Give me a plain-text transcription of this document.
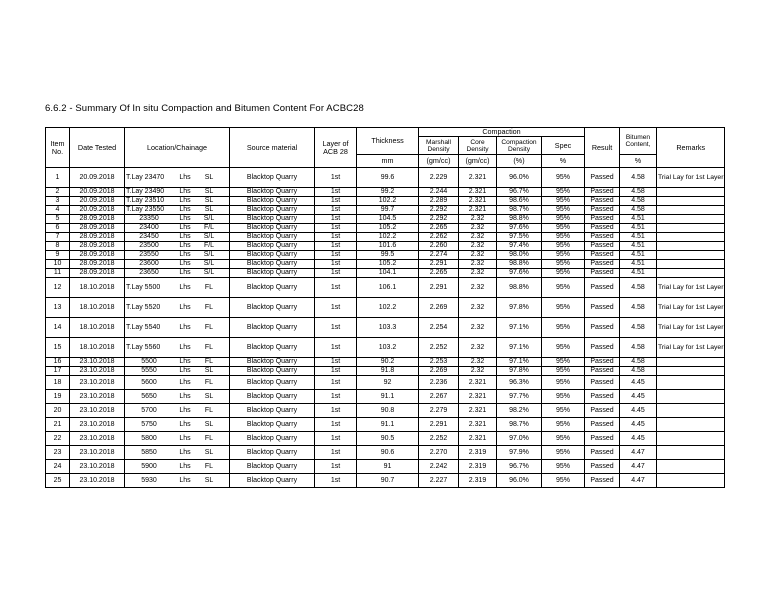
6.6.2 - Summary Of In situ Compaction and Bitumen Content For ACBC28
Item No.	Date Tested	Location/Chainage	Source material	Layer of ACB 28	Thickness	Compaction				Result	Bitumen Content,	Remarks
						Marshall Density	Core Density	Compaction Density	Spec			
					mm	(gm/cc)	(gm/cc)	(%)	%		%	
1	20.09.2018	T.Lay 23470 Lhs SL	Blacktop Quarry	1st	99.6	2.229	2.321	96.0%	95%	Passed	4.58	Trial Lay for 1st Layer
2	20.09.2018	T.Lay 23490 Lhs SL	Blacktop Quarry	1st	99.2	2.244	2.321	96.7%	95%	Passed	4.58	
3	20.09.2018	T.Lay 23510 Lhs SL	Blacktop Quarry	1st	102.2	2.289	2.321	98.6%	95%	Passed	4.58	
4	20.09.2018	T.Lay 23550 Lhs SL	Blacktop Quarry	1st	99.7	2.292	2.321	98.7%	95%	Passed	4.58	
5	28.09.2018	23350 Lhs S/L	Blacktop Quarry	1st	104.5	2.292	2.32	98.8%	95%	Passed	4.51	
6	28.09.2018	23400 Lhs F/L	Blacktop Quarry	1st	105.2	2.265	2.32	97.6%	95%	Passed	4.51	
7	28.09.2018	23450 Lhs S/L	Blacktop Quarry	1st	102.2	2.262	2.32	97.5%	95%	Passed	4.51	
8	28.09.2018	23500 Lhs F/L	Blacktop Quarry	1st	101.6	2.260	2.32	97.4%	95%	Passed	4.51	
9	28.09.2018	23550 Lhs S/L	Blacktop Quarry	1st	99.5	2.274	2.32	98.0%	95%	Passed	4.51	
10	28.09.2018	23600 Lhs S/L	Blacktop Quarry	1st	105.2	2.291	2.32	98.8%	95%	Passed	4.51	
11	28.09.2018	23650 Lhs S/L	Blacktop Quarry	1st	104.1	2.265	2.32	97.6%	95%	Passed	4.51	
12	18.10.2018	T.Lay 5500 Lhs FL	Blacktop Quarry	1st	106.1	2.291	2.32	98.8%	95%	Passed	4.58	Trial Lay for 1st Layer
13	18.10.2018	T.Lay 5520 Lhs FL	Blacktop Quarry	1st	102.2	2.269	2.32	97.8%	95%	Passed	4.58	Trial Lay for 1st Layer
14	18.10.2018	T.Lay 5540 Lhs FL	Blacktop Quarry	1st	103.3	2.254	2.32	97.1%	95%	Passed	4.58	Trial Lay for 1st Layer
15	18.10.2018	T.Lay 5560 Lhs FL	Blacktop Quarry	1st	103.2	2.252	2.32	97.1%	95%	Passed	4.58	Trial Lay for 1st Layer
16	23.10.2018	5500 Lhs FL	Blacktop Quarry	1st	90.2	2.253	2.32	97.1%	95%	Passed	4.58	
17	23.10.2018	5550 Lhs SL	Blacktop Quarry	1st	91.8	2.269	2.32	97.8%	95%	Passed	4.58	
18	23.10.2018	5600 Lhs FL	Blacktop Quarry	1st	92	2.236	2.321	96.3%	95%	Passed	4.45	
19	23.10.2018	5650 Lhs SL	Blacktop Quarry	1st	91.1	2.267	2.321	97.7%	95%	Passed	4.45	
20	23.10.2018	5700 Lhs FL	Blacktop Quarry	1st	90.8	2.279	2.321	98.2%	95%	Passed	4.45	
21	23.10.2018	5750 Lhs SL	Blacktop Quarry	1st	91.1	2.291	2.321	98.7%	95%	Passed	4.45	
22	23.10.2018	5800 Lhs FL	Blacktop Quarry	1st	90.5	2.252	2.321	97.0%	95%	Passed	4.45	
23	23.10.2018	5850 Lhs SL	Blacktop Quarry	1st	90.6	2.270	2.319	97.9%	95%	Passed	4.47	
24	23.10.2018	5900 Lhs FL	Blacktop Quarry	1st	91	2.242	2.319	96.7%	95%	Passed	4.47	
25	23.10.2018	5930 Lhs SL	Blacktop Quarry	1st	90.7	2.227	2.319	96.0%	95%	Passed	4.47	
